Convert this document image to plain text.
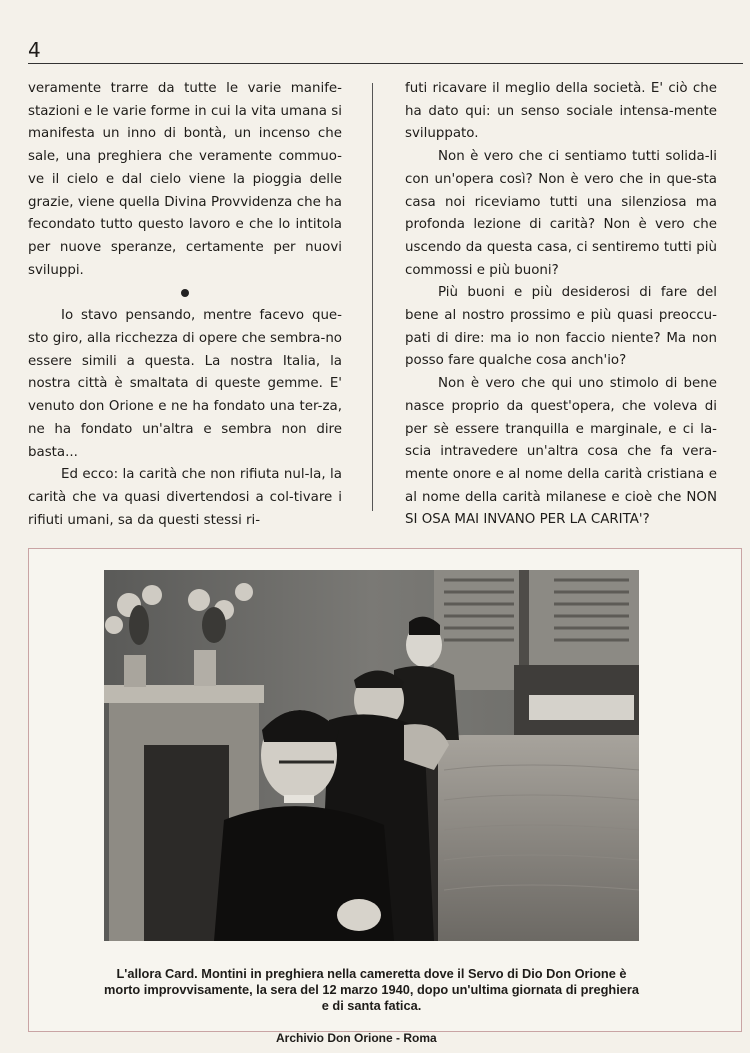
4

veramente trarre da tutte le varie manife-stazioni e le varie forme in cui la vita umana si manifesta un inno di bontà, un incenso che sale, una preghiera che veramente commuo-ve il cielo e dal cielo viene la pioggia delle grazie, viene quella Divina Provvidenza che ha fecondato tutto questo lavoro e che lo intitola per nuove speranze, certamente per nuovi sviluppi.

Io stavo pensando, mentre facevo que-sto giro, alla ricchezza di opere che sembra-no essere simili a questa. La nostra Italia, la nostra città è smaltata di queste gemme. E' venuto don Orione e ne ha fondato una ter-za, ne ha fondato un'altra e sembra non dire basta...

Ed ecco: la carità che non rifiuta nul-la, la carità che va quasi divertendosi a col-tivare i rifiuti umani, sa da questi stessi ri-

futi ricavare il meglio della società. E' ciò che ha dato qui: un senso sociale intensa-mente sviluppato.

Non è vero che ci sentiamo tutti solida-li con un'opera così? Non è vero che in que-sta casa noi riceviamo tutti una silenziosa ma profonda lezione di carità? Non è vero che uscendo da questa casa, ci sentiremo tutti più commossi e più buoni?

Più buoni e più desiderosi di fare del bene al nostro prossimo e più quasi preoccu-pati di dire: ma io non faccio niente? Ma non posso fare qualche cosa anch'io?

Non è vero che qui uno stimolo di bene nasce proprio da quest'opera, che voleva di per sè essere tranquilla e marginale, e ci la-scia intravedere un'altra cosa che fa vera-mente onore e al nome della carità cristiana e al nome della carità milanese e cioè che NON SI OSA MAI INVANO PER LA CARITA'?

L'allora Card. Montini in preghiera nella cameretta dove il Servo di Dio Don Orione è morto improvvisamente, la sera del 12 marzo 1940, dopo un'ultima giornata di preghiera e di santa fatica.
Archivio Don Orione - Roma
